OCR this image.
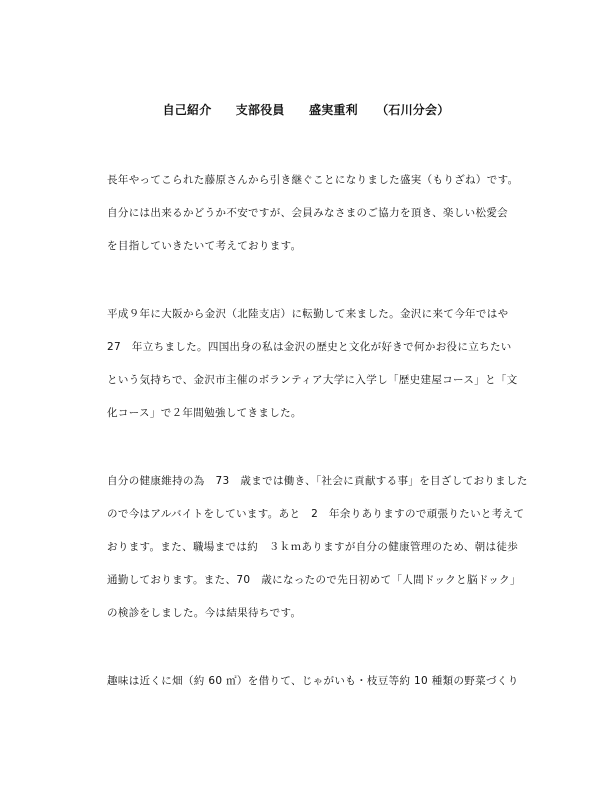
自己紹介　　支部役員　　盛実重利　　（石川分会）
長年やってこられた藤原さんから引き継ぐことになりました盛実（もりざね）です。
自分には出来るかどうか不安ですが、会員みなさまのご協力を頂き、楽しい松愛会
を目指していきたいて考えております。
平成９年に大阪から金沢（北陸支店）に転勤して来ました。金沢に来て今年ではや
27　年立ちました。四国出身の私は金沢の歴史と文化が好きで何かお役に立ちたい
という気持ちで、金沢市主催のボランティア大学に入学し「歴史建屋コース」と「文
化コース」で２年間勉強してきました。
自分の健康維持の為　73　歳までは働き、「社会に貢献する事」を目ざしておりました
ので今はアルバイトをしています。あと　2　年余りありますので頑張りたいと考えて
おります。また、職場までは約　３ｋｍありますが自分の健康管理のため、朝は徒歩
通勤しております。また、70　歳になったので先日初めて「人間ドックと脳ドック」
の検診をしました。今は結果待ちです。
趣味は近くに畑（約 60 ㎡）を借りて、じゃがいも・枝豆等約 10 種類の野菜づくり
